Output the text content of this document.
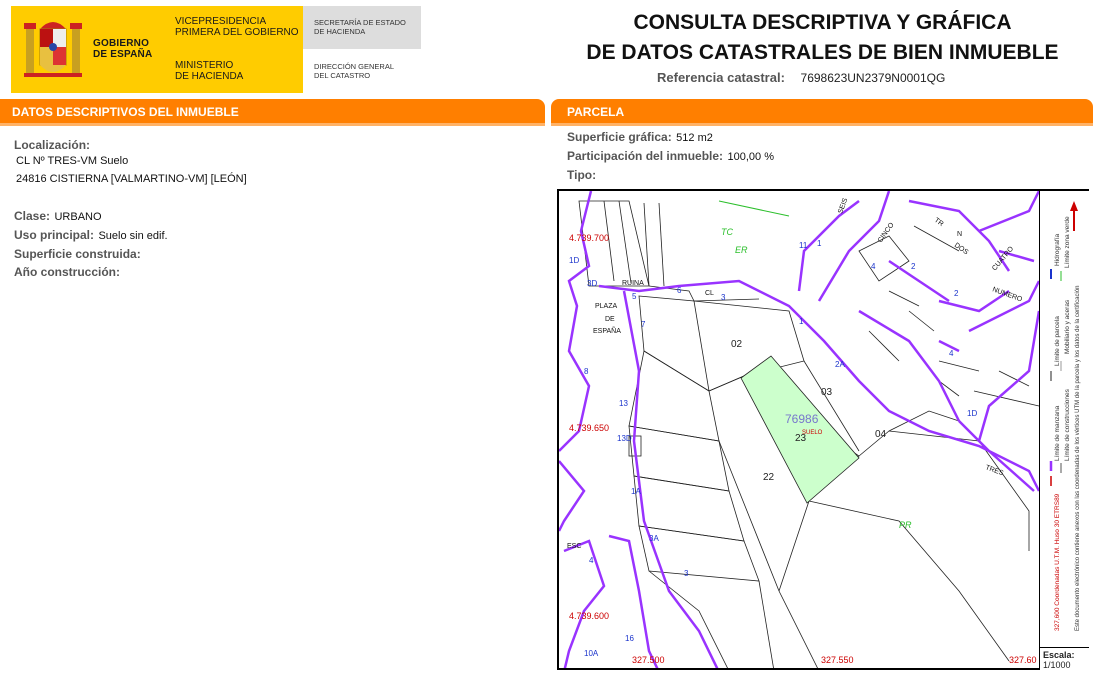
GOBIERNO
DE ESPAÑA
VICEPRESIDENCIA
PRIMERA DEL GOBIERNO
MINISTERIO
DE HACIENDA
SECRETARÍA DE ESTADO
DE HACIENDA
DIRECCIÓN GENERAL
DEL CATASTRO
CONSULTA DESCRIPTIVA Y GRÁFICA
DE DATOS CATASTRALES DE BIEN INMUEBLE
Referencia catastral: 7698623UN2379N0001QG
DATOS DESCRIPTIVOS DEL INMUEBLE
Localización:
CL Nº TRES-VM Suelo
24816 CISTIERNA [VALMARTINO-VM] [LEÓN]
Clase: URBANO
Uso principal: Suelo sin edif.
Superficie construida:
Año construcción:
PARCELA
Superficie gráfica: 512 m2
Participación del inmueble: 100,00 %
Tipo:
4.739.700
4.739.650
4.739.600
327.500	327.550	327.60
SUELO
02
03
04
22
23
76986
PLAZA
DE
ESPAÑA
RUINA
CL	NUMERO
TRES
DOS
CINCO
CUATRO
TR
N
SEIS
ESC
TC
ER
PR
1
2
3
4
5
6
7
8
3D
2A
13
13D
1A
3A
1D
11
16
10A
1
4
1D
2
3
4
Hidrografía
Límite de parcela
Límite de manzana
Límite zona verde
Mobiliario y aceras
Límite de construcciones Este documento electrónico contiene anexos con las coordenadas de los vértices UTM de la parcela y los datos de la certificación
327,600 Coordenadas U.T.M. Huso 30 ETRS89
Escala:
1/1000
